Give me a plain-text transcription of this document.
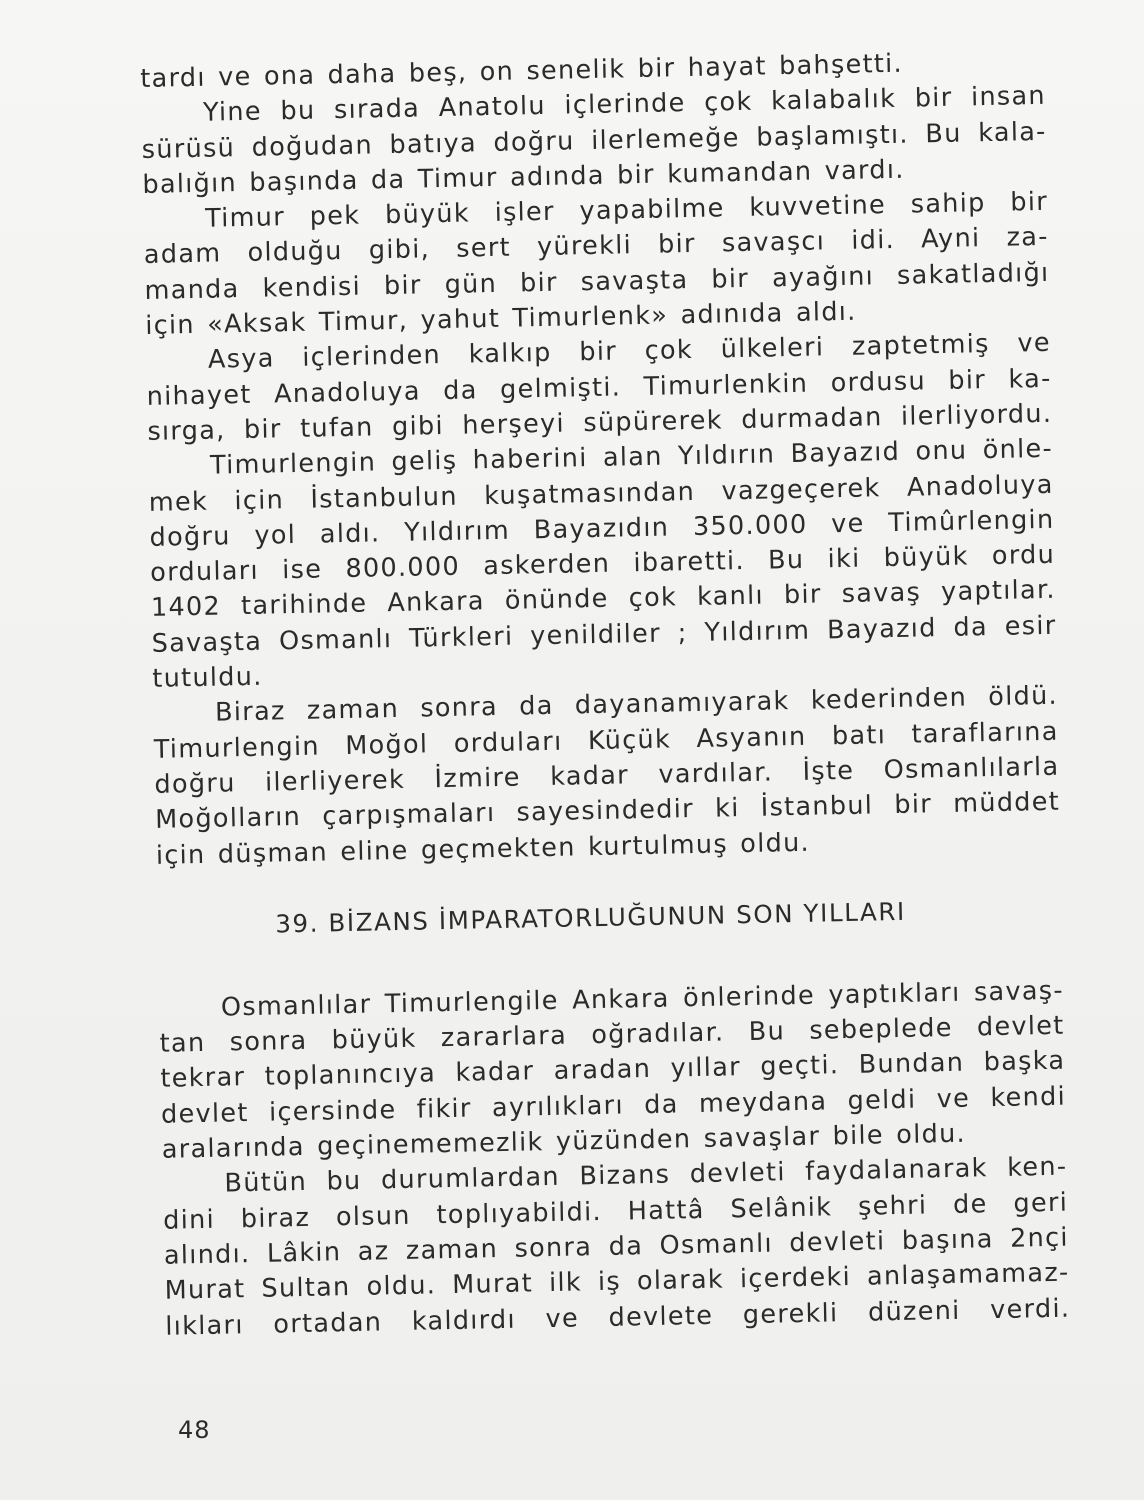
tardı ve ona daha beş, on senelik bir hayat bahşetti.
Yine bu sırada Anatolu içlerinde çok kalabalık bir insan
sürüsü doğudan batıya doğru ilerlemeğe başlamıştı. Bu kala-
balığın başında da Timur adında bir kumandan vardı.
Timur pek büyük işler yapabilme kuvvetine sahip bir
adam olduğu gibi, sert yürekli bir savaşcı idi. Ayni za-
manda kendisi bir gün bir savaşta bir ayağını sakatladığı
için «Aksak Timur, yahut Timurlenk» adınıda aldı.
Asya içlerinden kalkıp bir çok ülkeleri zaptetmiş ve
nihayet Anadoluya da gelmişti. Timurlenkin ordusu bir ka-
sırga, bir tufan gibi herşeyi süpürerek durmadan ilerliyordu.
Timurlengin geliş haberini alan Yıldırın Bayazıd onu önle-
mek için İstanbulun kuşatmasından vazgeçerek Anadoluya
doğru yol aldı. Yıldırım Bayazıdın 350.000 ve Timûrlengin
orduları ise 800.000 askerden ibaretti. Bu iki büyük ordu
1402 tarihinde Ankara önünde çok kanlı bir savaş yaptılar.
Savaşta Osmanlı Türkleri yenildiler ; Yıldırım Bayazıd da esir
tutuldu.
Biraz zaman sonra da dayanamıyarak kederinden öldü.
Timurlengin Moğol orduları Küçük Asyanın batı taraflarına
doğru ilerliyerek İzmire kadar vardılar. İşte Osmanlılarla
Moğolların çarpışmaları sayesindedir ki İstanbul bir müddet
için düşman eline geçmekten kurtulmuş oldu.
39. BİZANS İMPARATORLUĞUNUN SON YILLARI
Osmanlılar Timurlengile Ankara önlerinde yaptıkları savaş-
tan sonra büyük zararlara oğradılar. Bu sebeplede devlet
tekrar toplanıncıya kadar aradan yıllar geçti. Bundan başka
devlet içersinde fikir ayrılıkları da meydana geldi ve kendi
aralarında geçinememezlik yüzünden savaşlar bile oldu.
Bütün bu durumlardan Bizans devleti faydalanarak ken-
dini biraz olsun toplıyabildi. Hattâ Selânik şehri de geri
alındı. Lâkin az zaman sonra da Osmanlı devleti başına 2nçi
Murat Sultan oldu. Murat ilk iş olarak içerdeki anlaşamamaz-
lıkları ortadan kaldırdı ve devlete gerekli düzeni verdi.
48
